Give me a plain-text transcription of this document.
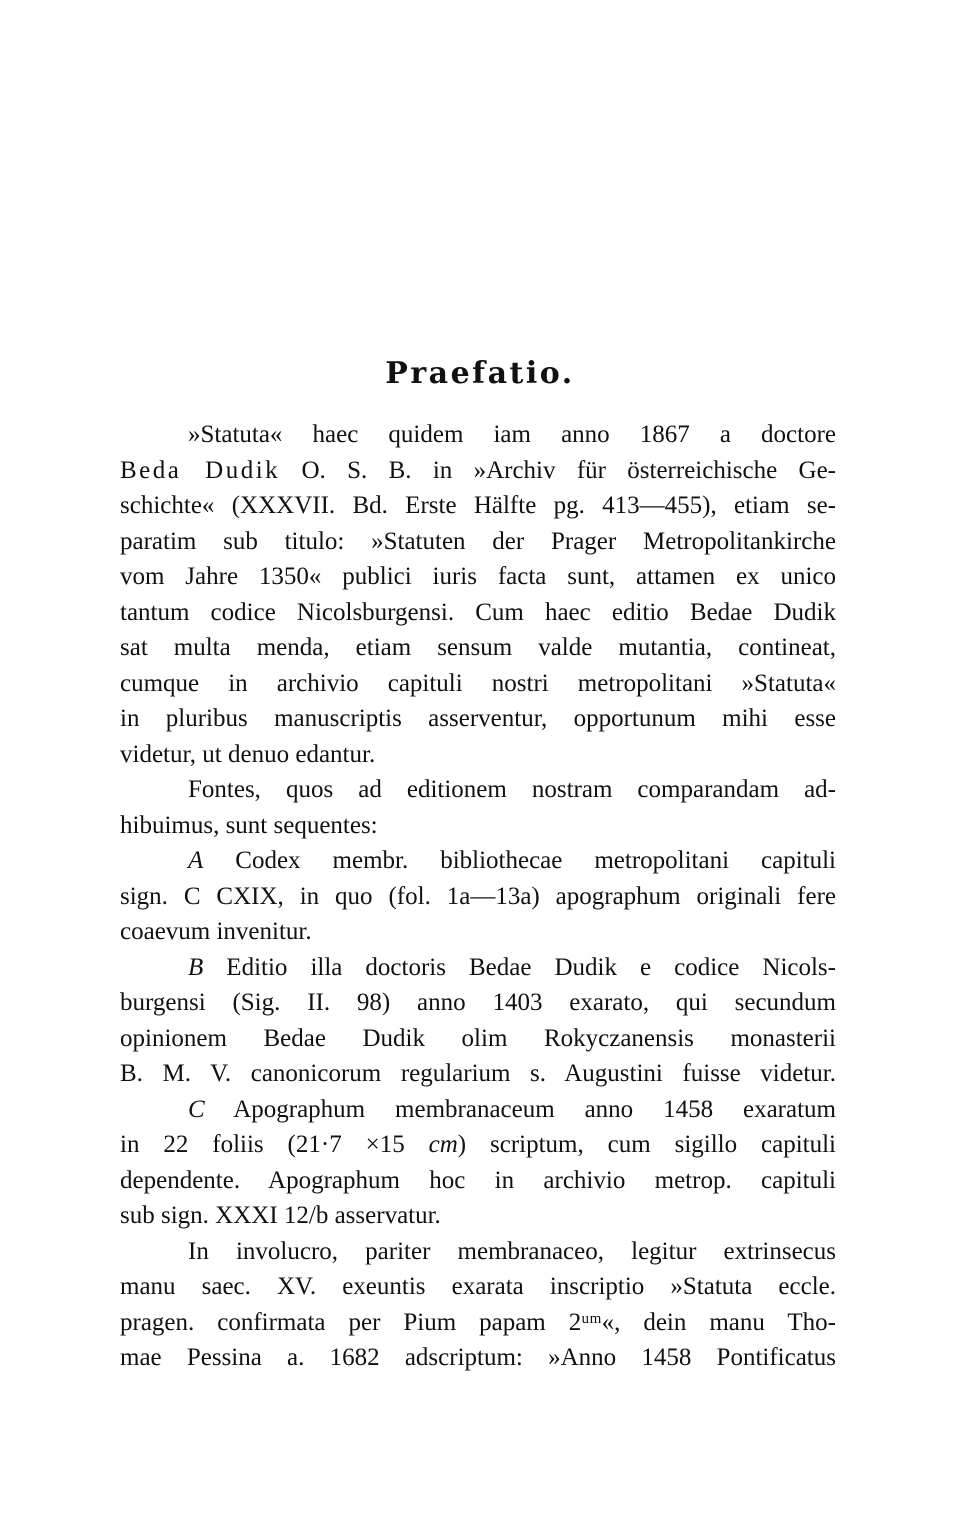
Praefatio.
»Statuta« haec quidem iam anno 1867 a doctore
Beda Dudik O. S. B. in »Archiv für österreichische Ge-
schichte« (XXXVII. Bd. Erste Hälfte pg. 413—455), etiam se-
paratim sub titulo: »Statuten der Prager Metropolitankirche
vom Jahre 1350« publici iuris facta sunt, attamen ex unico
tantum codice Nicolsburgensi. Cum haec editio Bedae Dudik
sat multa menda, etiam sensum valde mutantia, contineat,
cumque in archivio capituli nostri metropolitani »Statuta«
in pluribus manuscriptis asserventur, opportunum mihi esse
videtur, ut denuo edantur.
Fontes, quos ad editionem nostram comparandam ad-
hibuimus, sunt sequentes:
A Codex membr. bibliothecae metropolitani capituli
sign. C CXIX, in quo (fol. 1a—13a) apographum originali fere
coaevum invenitur.
B Editio illa doctoris Bedae Dudik e codice Nicols-
burgensi (Sig. II. 98) anno 1403 exarato, qui secundum
opinionem Bedae Dudik olim Rokyczanensis monasterii
B. M. V. canonicorum regularium s. Augustini fuisse videtur.
C Apographum membranaceum anno 1458 exaratum
in 22 foliis (21·7 ×15 cm) scriptum, cum sigillo capituli
dependente. Apographum hoc in archivio metrop. capituli
sub sign. XXXI 12/b asservatur.
In involucro, pariter membranaceo, legitur extrinsecus
manu saec. XV. exeuntis exarata inscriptio »Statuta eccle.
pragen. confirmata per Pium papam 2ᵘᵐ«, dein manu Tho-
mae Pessina a. 1682 adscriptum: »Anno 1458 Pontificatus
